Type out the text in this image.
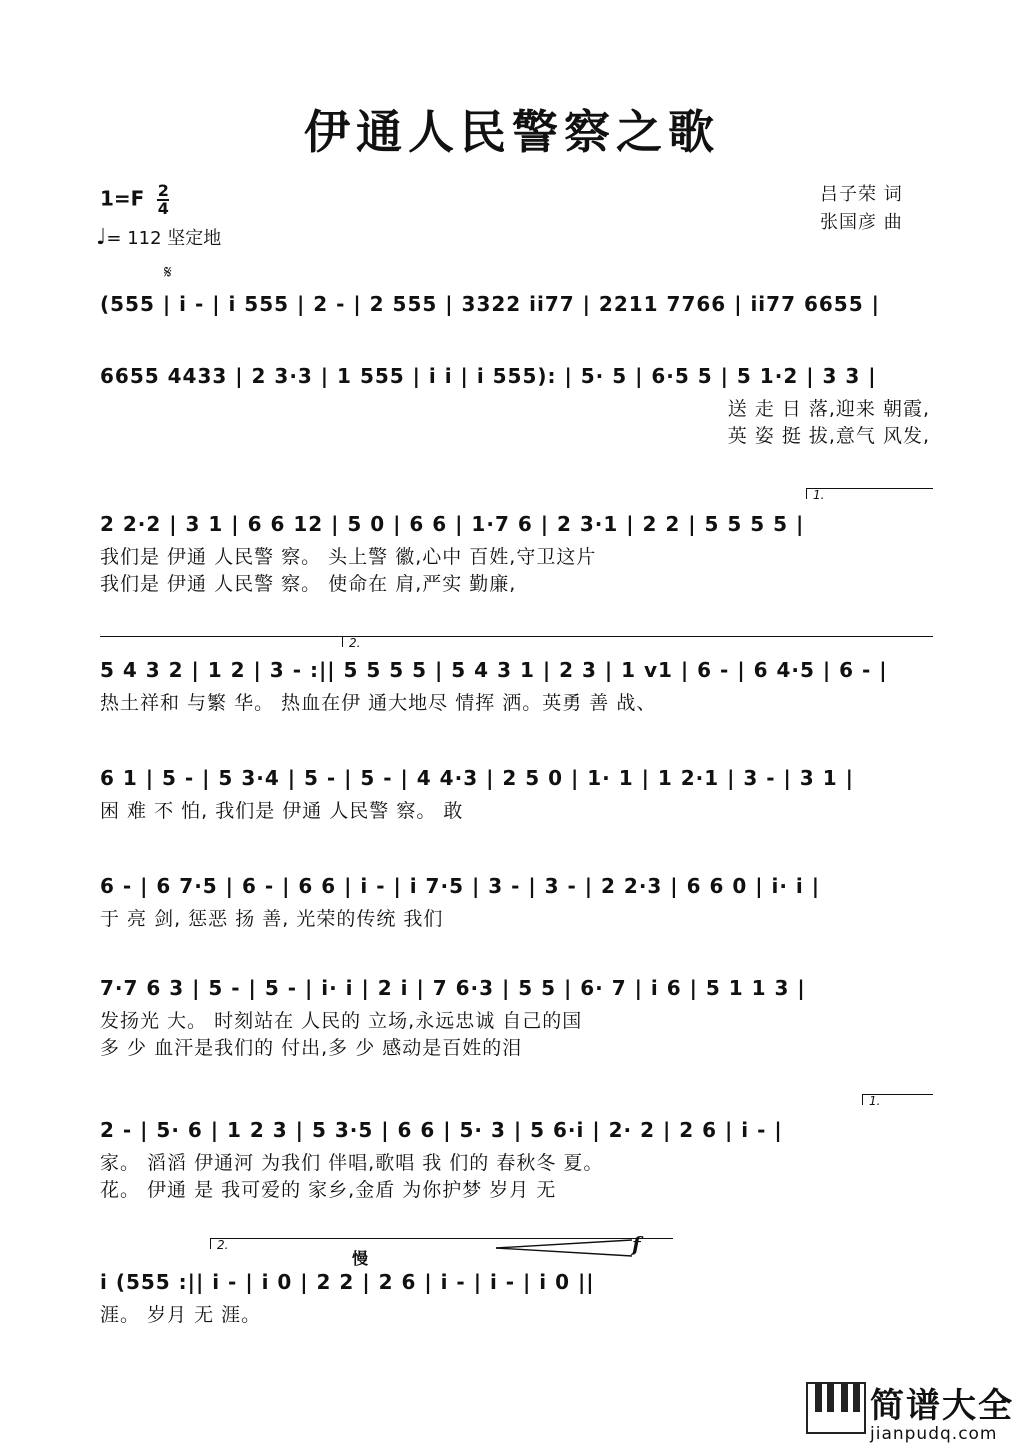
伊通人民警察之歌
$1=F \frac{2}{4}$
♩= 112 坚定地
吕子荣 词
张国彦 曲
𝄋
(555 | i - | i 555 | 2 - | 2 555 | 3322 ii77 | 2211 7766 | ii77 6655 |
6655 4433 | 2 3·3 | 1 555 | i i | i 555): | 5· 5 | 6·5 5 | 5 1·2 | 3 3 |
送 走 日 落,迎来 朝霞,
英 姿 挺 拔,意气 风发,
1.
2 2·2 | 3 1 | 6 6 12 | 5 0 | 6 6 | 1·7 6 | 2 3·1 | 2 2 | 5 5 5 5 |
我们是 伊通 人民警 察。 头上警 徽,心中 百姓,守卫这片
我们是 伊通 人民警 察。 使命在 肩,严实 勤廉,
2.
5 4 3 2 | 1 2 | 3 - :|| 5 5 5 5 | 5 4 3 1 | 2 3 | 1 v1 | 6 - | 6 4·5 | 6 - |
热土祥和 与繁 华。 热血在伊 通大地尽 情挥 洒。英勇 善 战、
6 1 | 5 - | 5 3·4 | 5 - | 5 - | 4 4·3 | 2 5 0 | 1· 1 | 1 2·1 | 3 - | 3 1 |
困 难 不 怕, 我们是 伊通 人民警 察。 敢
6 - | 6 7·5 | 6 - | 6 6 | i - | i 7·5 | 3 - | 3 - | 2 2·3 | 6 6 0 | i· i |
于 亮 剑, 惩恶 扬 善, 光荣的传统 我们
7·7 6 3 | 5 - | 5 - | i· i | 2 i | 7 6·3 | 5 5 | 6· 7 | i 6 | 5 1 1 3 |
发扬光 大。 时刻站在 人民的 立场,永远忠诚 自己的国
多 少 血汗是我们的 付出,多 少 感动是百姓的泪
1.
2 - | 5· 6 | 1 2 3 | 5 3·5 | 6 6 | 5· 3 | 5 6·i | 2· 2 | 2 6 | i - |
家。 滔滔 伊通河 为我们 伴唱,歌唱 我 们的 春秋冬 夏。
花。 伊通 是 我可爱的 家乡,金盾 为你护梦 岁月 无
2.
慢
f
i (555 :|| i - | i 0 | 2 2 | 2 6 | i - | i - | i 0 ||
涯。 岁月 无 涯。
简谱大全
jianpudq.com
